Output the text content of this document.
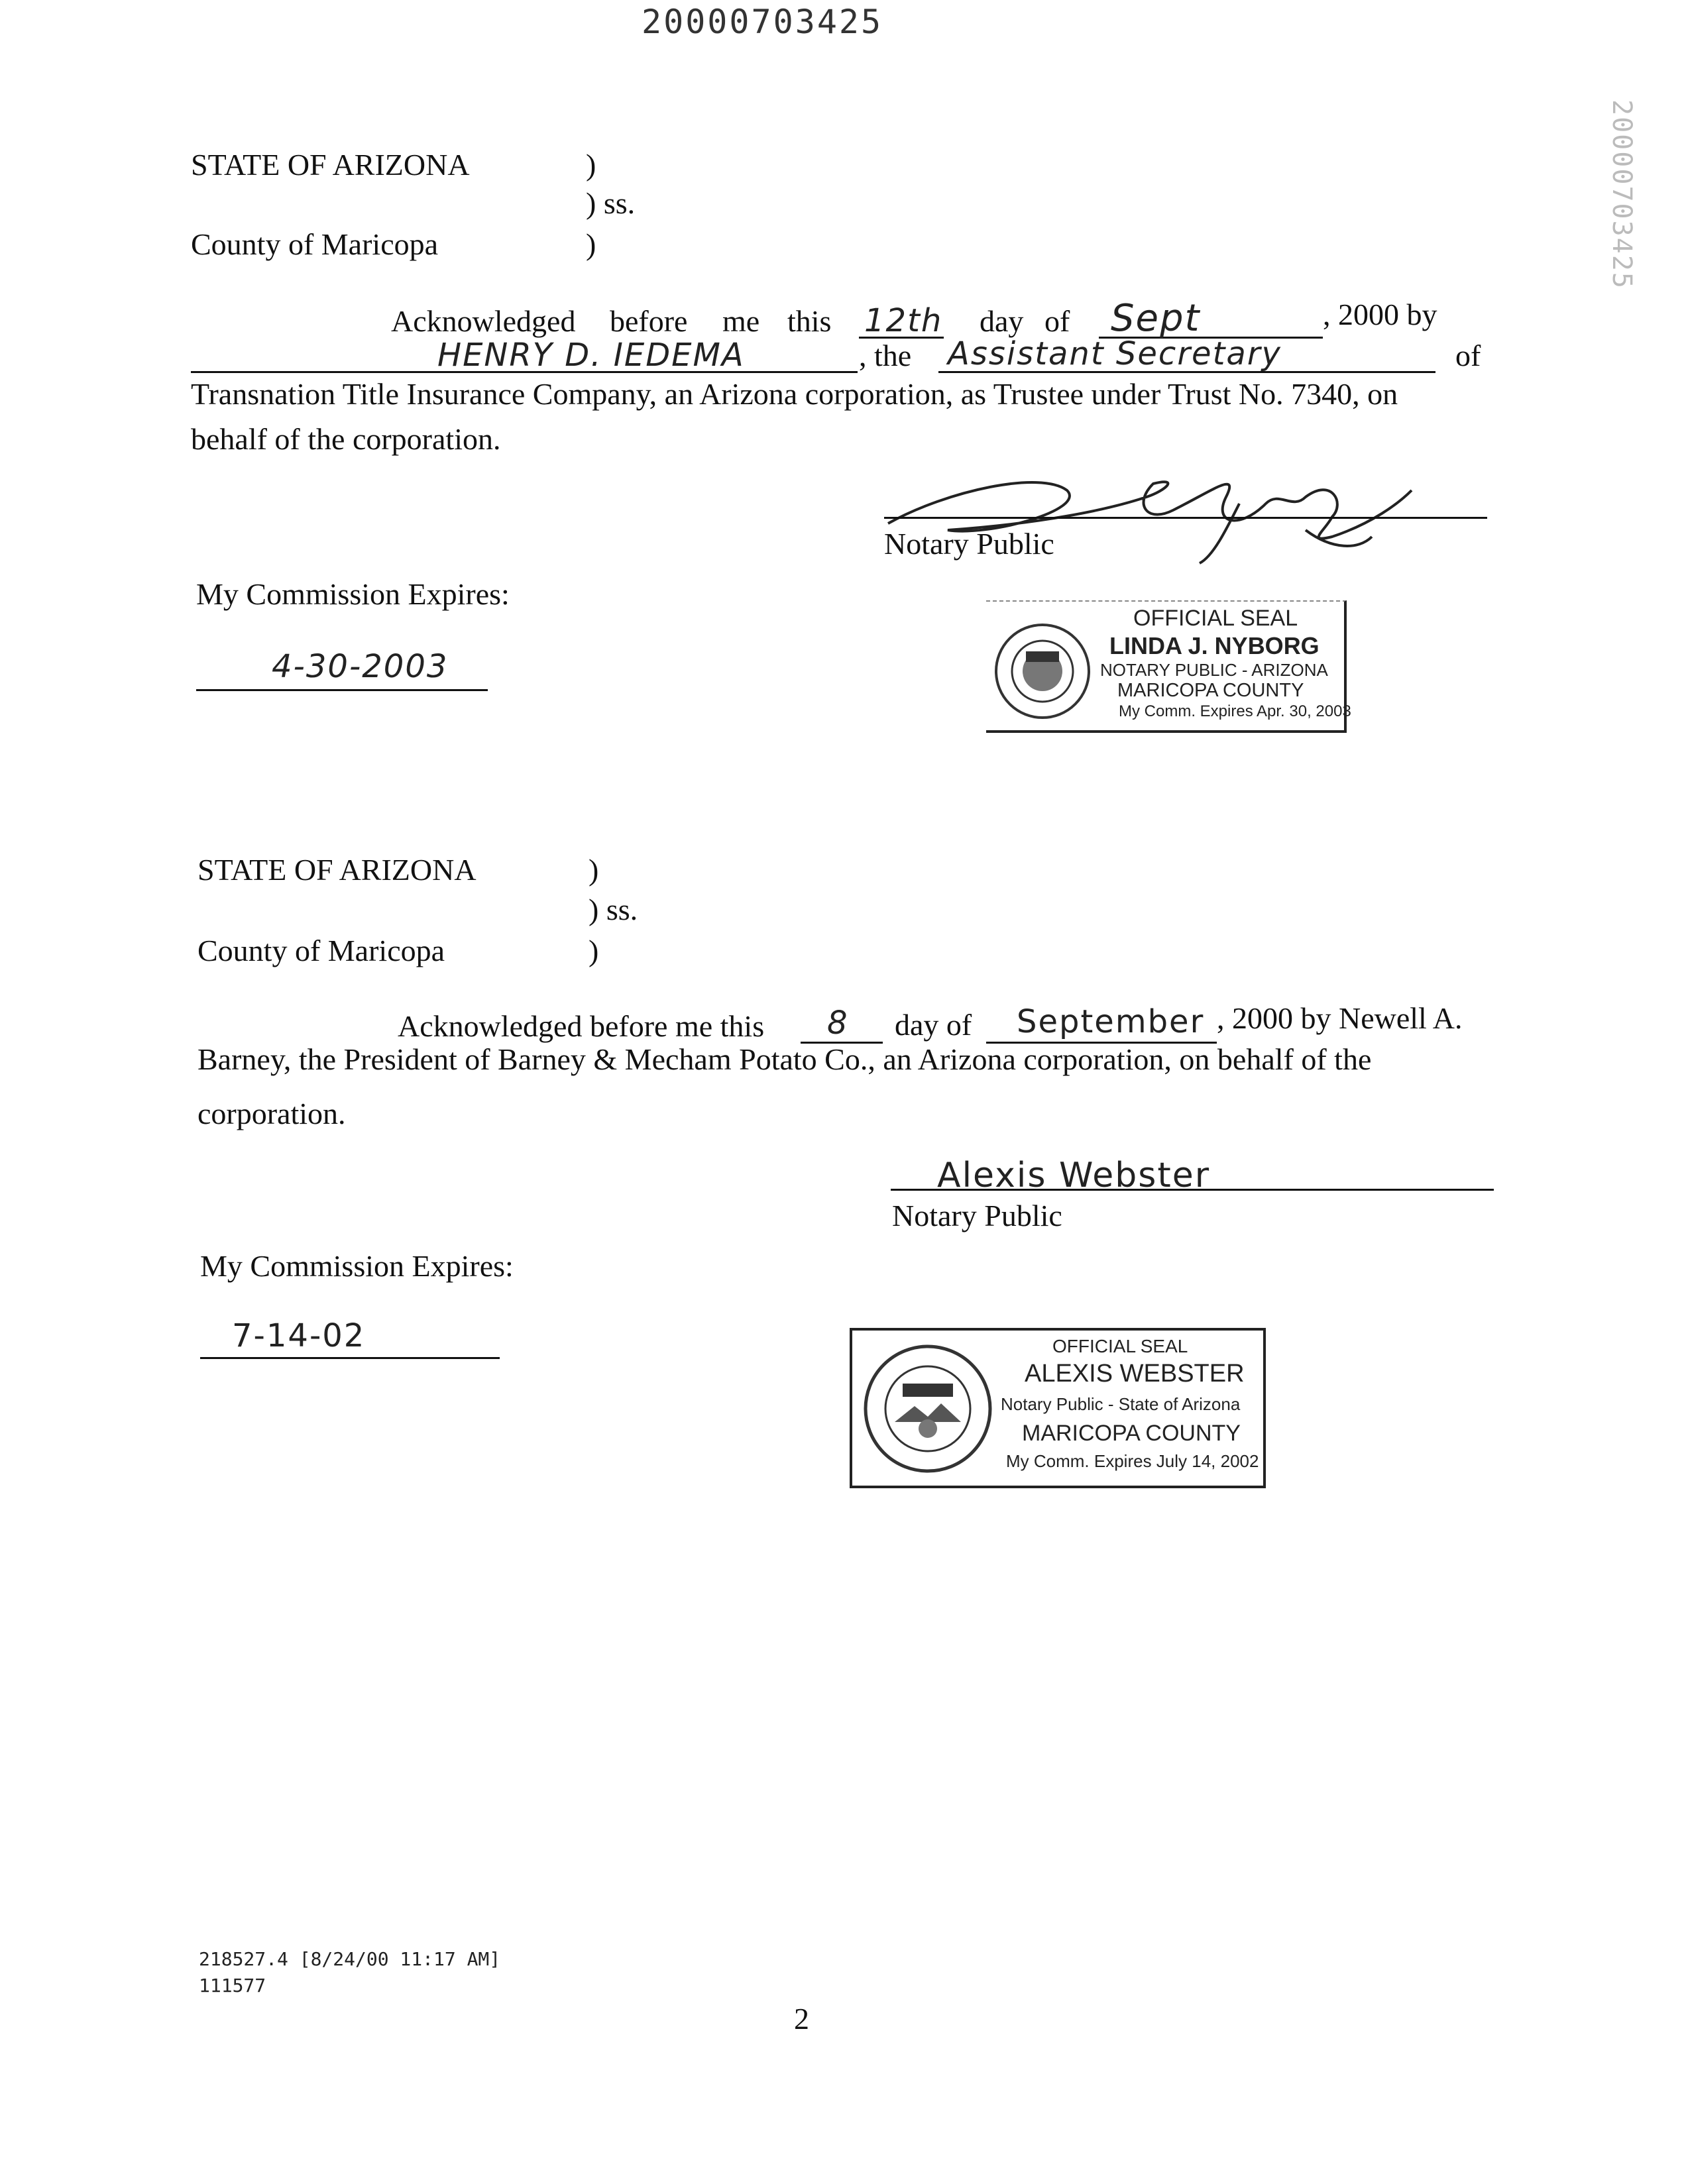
20000703425
20000703425
STATE OF ARIZONA	)
) ss.
County of Maricopa	)
Acknowledged before me this 12th day of Sept	, 2000 by
HENRY D. IEDEMA	, the Assistant Secretary	of
Transnation Title Insurance Company, an Arizona corporation, as Trustee under Trust No. 7340, on
behalf of the corporation.
Notary Public
My Commission Expires:
4-30-2003
OFFICIAL SEAL
LINDA J. NYBORG
NOTARY PUBLIC - ARIZONA
MARICOPA COUNTY
My Comm. Expires Apr. 30, 2003
STATE OF ARIZONA	)
) ss.
County of Maricopa	)
Acknowledged before me this 8 day of September , 2000 by Newell A.
Barney, the President of Barney & Mecham Potato Co., an Arizona corporation, on behalf of the
corporation.
Alexis Webster
Notary Public
My Commission Expires:
7-14-02	OFFICIAL SEAL
ALEXIS WEBSTER
Notary Public - State of Arizona
MARICOPA COUNTY
My Comm. Expires July 14, 2002
218527.4 [8/24/00 11:17 AM]
111577
2
